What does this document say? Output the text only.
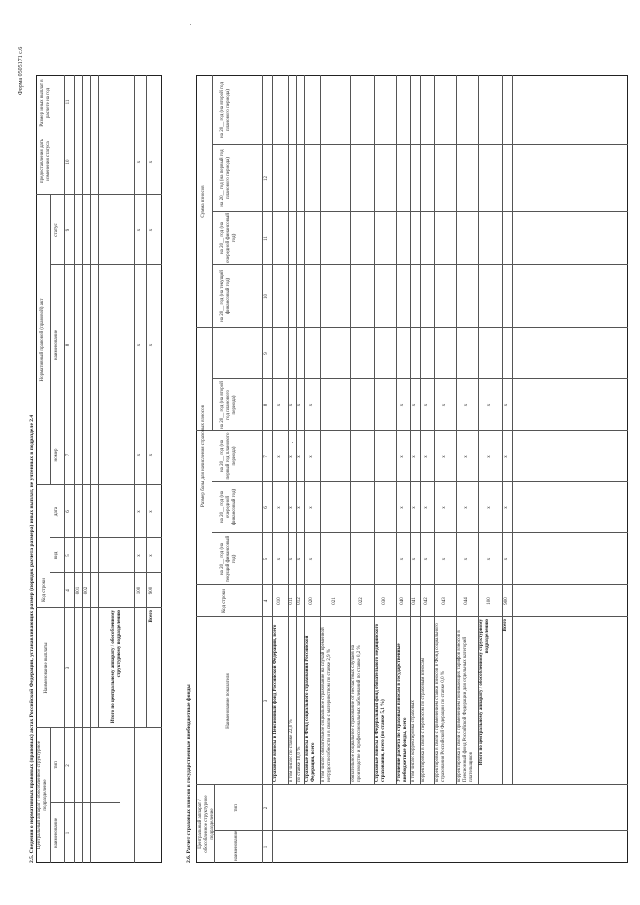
Форма 0505171 с.6
2.5. Сведения о нормативных правовых (правовых) актах Российской Федерации, устанавливающих размер (порядок расчета размера) иных выплат, не учтенных в подразделе 2.4 Центральный аппарат / обособленное структурное подразделение
наименование
тип
Наименование выплаты
Код строки
Нормативный правовой (правовой) акт
вид
дата
номер
наименование
статус
предоставления дать изменения статуса
Размер иных выплат в расчете на год
1
2
3
4
5
6
7
8
9
10
11
001 002
Итого по центральному аппарату / обособленному структурному подразделению
100
Всего
900
x
x
x
x
x
x
x
x
x
x
x
x
2.6. Расчет страховых взносов в государственные внебюджетные фонды Центральный аппарат / обособленное структурное подразделение
наименование
тип
Наименование показателя
Код строки
Размер базы для начисления страховых взносов
Сумма взносов
на 20__ год (на текущий финансовый год)
на 20__ год (на очередной финансовый год)
на 20__ год (на первый год планового периода)
на 20__ год (на второй год планового периода)
на 20__ год (на текущий финансовый год)
на 20__ год (на очередной финансовый год)
на 20__ год (на первый год планового периода)
на 20__ год (на второй год планового периода)
1
2
3
4
5
6
7
8
9
10
11
12
Страховые взносы в Пенсионный фонд Российской Федерации, всего
010
x
x
x
x
в том числе: по ставке 22,0 %
011
x
x
x
x
по ставке 10,0 %
012
x
x
x
x
Страховые взносы в Фонд социального страхования Российской Федерации, всего
020
x
x
x
x
в том числе: обязательное социальное страхование на случай временной нетрудоспособности и в связи с материнством по ставке 2,9 %
021
обязательное социальное страхование от несчастных случаев на производстве и профессиональных заболеваний по ставке 0,2 %
022
Страховые взносы в Федеральный фонд обязательного медицинского страхования, всего (по ставке 5,1 %)
030
Уточнение расчета по страховым взносам в государственные внебюджетные фонды, всего
040
x
x
x
x
в том числе: корректировка страховых
041
x
x
x
x
корректировка в связи с переносом по страховым взносам
042
x
x
x
x
корректировка в связи с применением ставки взносов в Фонд социального страхования Российской Федерации по ставке 0,0 %
043
x
x
x
x
корректировка в связи с применением понижающих тарифов взносов в Пенсионный фонд Российской Федерации для отдельных категорий плательщиков
044
x
x
x
x
Итого по центральному аппарату / обособленному структурному подразделению
100
x
x
x
x
Всего
900
x
x
x
x
